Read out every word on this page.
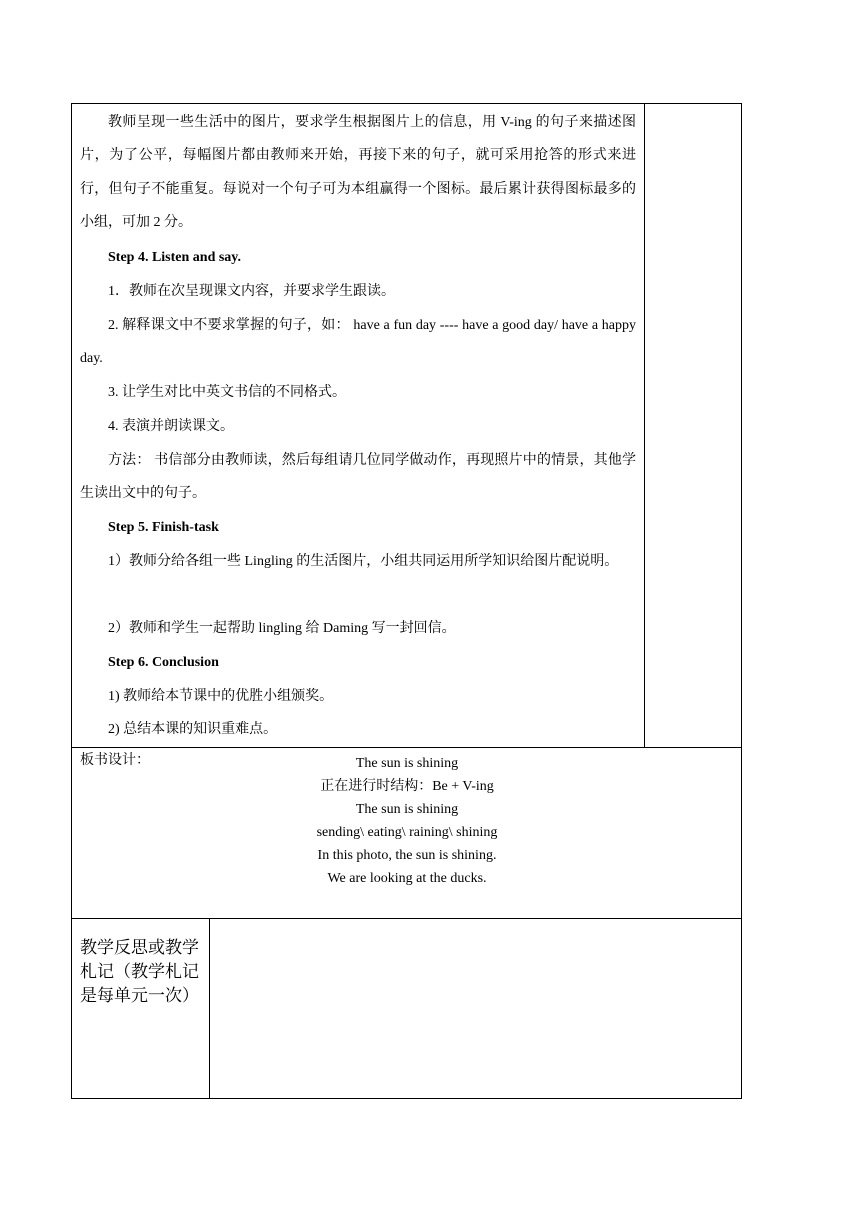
教师呈现一些生活中的图片，要求学生根据图片上的信息，用 V-ing 的句子来描述图片，为了公平，每幅图片都由教师来开始，再接下来的句子，就可采用抢答的形式来进行，但句子不能重复。每说对一个句子可为本组赢得一个图标。最后累计获得图标最多的小组，可加 2 分。
Step 4. Listen and say.
1．教师在次呈现课文内容，并要求学生跟读。
2. 解释课文中不要求掌握的句子，如： have a fun day ---- have a good day/ have a happy day.
3. 让学生对比中英文书信的不同格式。
4. 表演并朗读课文。
方法： 书信部分由教师读，然后每组请几位同学做动作，再现照片中的情景，其他学生读出文中的句子。
Step 5. Finish-task
1）教师分给各组一些 Lingling 的生活图片，小组共同运用所学知识给图片配说明。
2）教师和学生一起帮助 lingling 给 Daming 写一封回信。
Step 6. Conclusion
1) 教师给本节课中的优胜小组颁奖。
2) 总结本课的知识重难点。
板书设计：	The sun is shining
正在进行时结构：Be + V-ing
The sun is shining
sending\ eating\ raining\ shining
In this photo, the sun is shining.
We are looking at the ducks.
教学反思或教学札记（教学札记是每单元一次）
